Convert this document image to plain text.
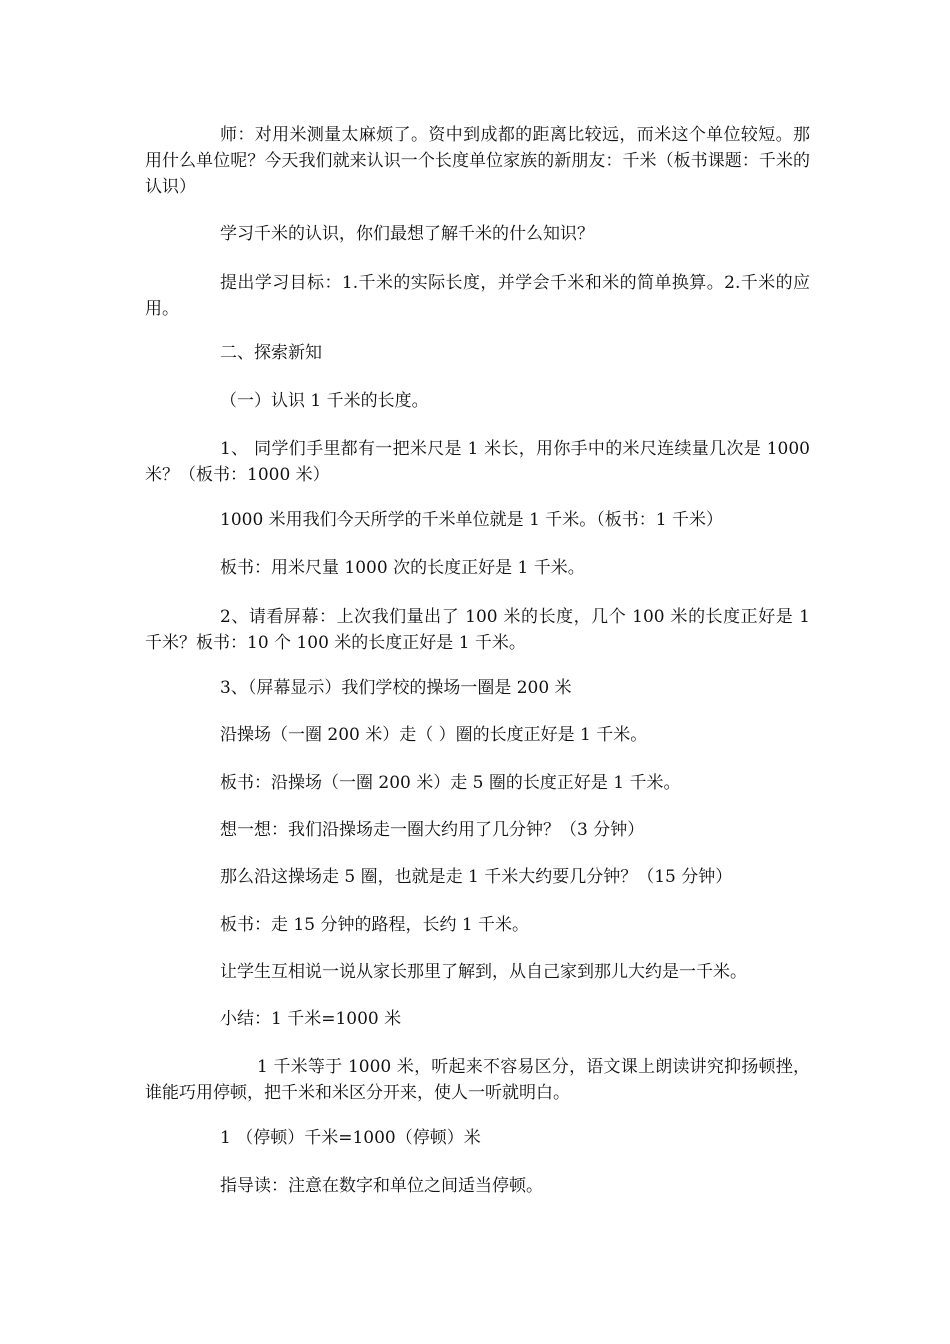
师：对用米测量太麻烦了。资中到成都的距离比较远，而米这个单位较短。那用什么单位呢？今天我们就来认识一个长度单位家族的新朋友：千米（板书课题：千米的认识）

学习千米的认识，你们最想了解千米的什么知识？

提出学习目标：1.千米的实际长度，并学会千米和米的简单换算。2.千米的应用。

二、探索新知

（一）认识 1 千米的长度。

1、 同学们手里都有一把米尺是 1 米长，用你手中的米尺连续量几次是 1000 米？（板书：1000 米）

1000 米用我们今天所学的千米单位就是 1 千米。（板书：1 千米）

板书：用米尺量 1000 次的长度正好是 1 千米。

2、请看屏幕：上次我们量出了 100 米的长度，几个 100 米的长度正好是 1 千米？板书：10 个 100 米的长度正好是 1 千米。

3、（屏幕显示）我们学校的操场一圈是 200 米

沿操场（一圈 200 米）走（ ）圈的长度正好是 1 千米。

板书：沿操场（一圈 200 米）走 5 圈的长度正好是 1 千米。

想一想：我们沿操场走一圈大约用了几分钟？（3 分钟）

那么沿这操场走 5 圈，也就是走 1 千米大约要几分钟？（15 分钟）

板书：走 15 分钟的路程，长约 1 千米。

让学生互相说一说从家长那里了解到，从自己家到那儿大约是一千米。

小结：1 千米=1000 米

1 千米等于 1000 米，听起来不容易区分，语文课上朗读讲究抑扬顿挫，谁能巧用停顿，把千米和米区分开来，使人一听就明白。

1 （停顿）千米=1000（停顿）米

指导读：注意在数字和单位之间适当停顿。
